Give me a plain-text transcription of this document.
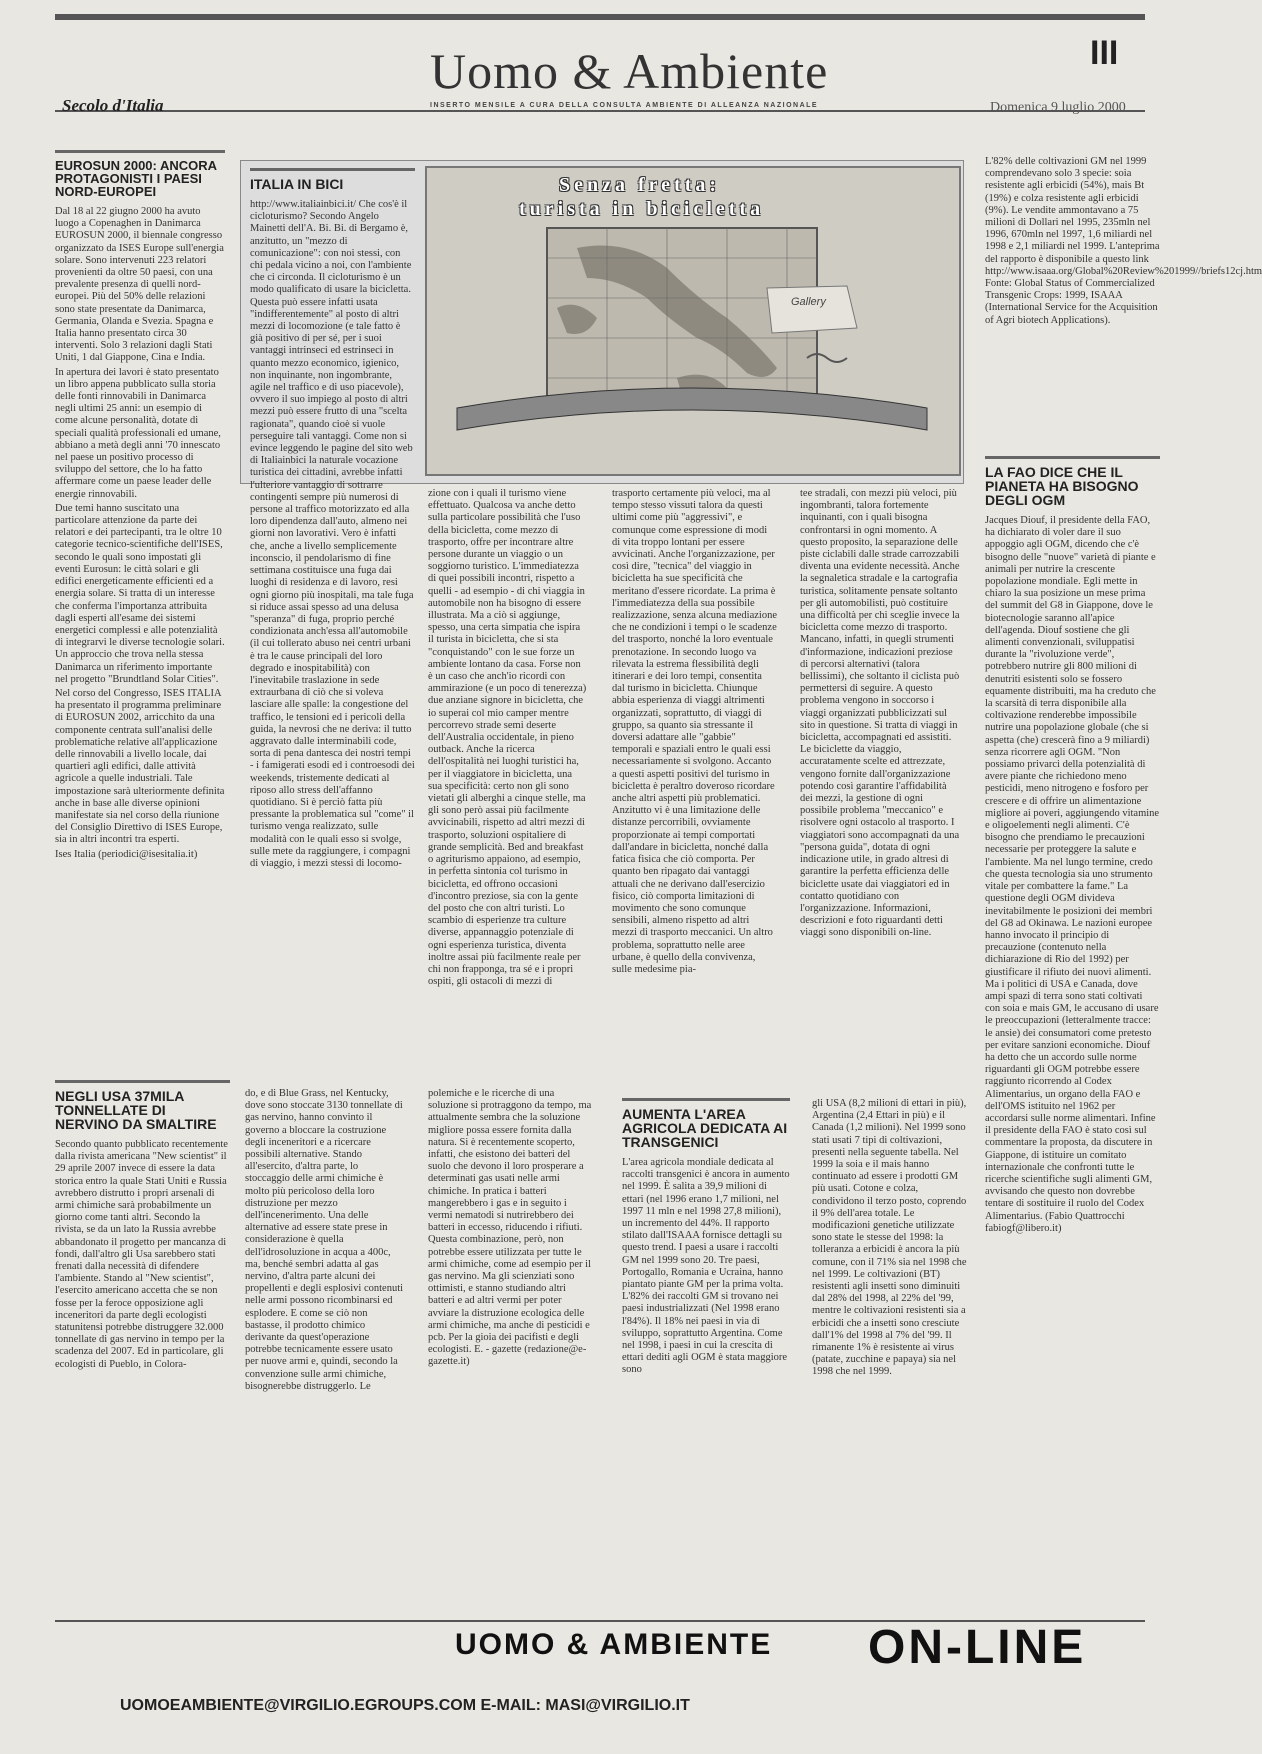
Secolo d'Italia
Uomo & Ambiente
INSERTO MENSILE A CURA DELLA CONSULTA AMBIENTE DI ALLEANZA NAZIONALE
III
Domenica 9 luglio 2000
EUROSUN 2000: ANCORA PROTAGONISTI I PAESI NORD-EUROPEI

Dal 18 al 22 giugno 2000 ha avuto luogo a Copenaghen in Danimarca EUROSUN 2000, il biennale congresso organizzato da ISES Europe sull'energia solare. Sono intervenuti 223 relatori provenienti da oltre 50 paesi, con una prevalente presenza di quelli nord-europei. Più del 50% delle relazioni sono state presentate da Danimarca, Germania, Olanda e Svezia. Spagna e Italia hanno presentato circa 30 interventi. Solo 3 relazioni dagli Stati Uniti, 1 dal Giappone, Cina e India.

In apertura dei lavori è stato presentato un libro appena pubblicato sulla storia delle fonti rinnovabili in Danimarca negli ultimi 25 anni: un esempio di come alcune personalità, dotate di speciali qualità professionali ed umane, abbiano a metà degli anni '70 innescato nel paese un positivo processo di sviluppo del settore, che lo ha fatto affermare come un paese leader delle energie rinnovabili.

Due temi hanno suscitato una particolare attenzione da parte dei relatori e dei partecipanti, tra le oltre 10 categorie tecnico-scientifiche dell'ISES, secondo le quali sono impostati gli eventi Eurosun: le città solari e gli edifici energeticamente efficienti ed a energia solare. Si tratta di un interesse che conferma l'importanza attribuita dagli esperti all'esame dei sistemi energetici complessi e alle potenzialità di integrarvi le diverse tecnologie solari. Un approccio che trova nella stessa Danimarca un riferimento importante nel progetto "Brundtland Solar Cities".

Nel corso del Congresso, ISES ITALIA ha presentato il programma preliminare di EUROSUN 2002, arricchito da una componente centrata sull'analisi delle problematiche relative all'applicazione delle rinnovabili a livello locale, dai quartieri agli edifici, dalle attività agricole a quelle industriali. Tale impostazione sarà ulteriormente definita anche in base alle diverse opinioni manifestate sia nel corso della riunione del Consiglio Direttivo di ISES Europe, sia in altri incontri tra esperti.

Ises Italia (periodici@isesitalia.it)

ITALIA IN BICI

http://www.italiainbici.it/ Che cos'è il cicloturismo? Secondo Angelo Mainetti dell'A. Bi. Bi. di Bergamo è, anzitutto, un "mezzo di comunicazione": con noi stessi, con chi pedala vicino a noi, con l'ambiente che ci circonda. Il cicloturismo è un modo qualificato di usare la bicicletta. Questa può essere infatti usata "indifferentemente" al posto di altri mezzi di locomozione (e tale fatto è già positivo di per sé, per i suoi vantaggi intrinseci ed estrinseci in quanto mezzo economico, igienico, non inquinante, non ingombrante, agile nel traffico e di uso piacevole), ovvero il suo impiego al posto di altri mezzi può essere frutto di una "scelta ragionata", quando cioè si vuole perseguire tali vantaggi. Come non si evince leggendo le pagine del sito web di Italiainbici la naturale vocazione turistica dei cittadini, avrebbe infatti l'ulteriore vantaggio di sottrarre contingenti sempre più numerosi di persone al traffico motorizzato ed alla loro dipendenza dall'auto, almeno nei giorni non lavorativi. Vero è infatti che, anche a livello semplicemente inconscio, il pendolarismo di fine settimana costituisce una fuga dai luoghi di residenza e di lavoro, resi ogni giorno più inospitali, ma tale fuga si riduce assai spesso ad una delusa "speranza" di fuga, proprio perché condizionata anch'essa all'automobile (il cui tollerato abuso nei centri urbani è tra le cause principali del loro degrado e inospitabilità) con l'inevitabile traslazione in sede extraurbana di ciò che si voleva lasciare alle spalle: la congestione del traffico, le tensioni ed i pericoli della guida, la nevrosi che ne deriva: il tutto aggravato dalle interminabili code, sorta di pena dantesca dei nostri tempi - i famigerati esodi ed i controesodi dei weekends, tristemente dedicati al riposo allo stress dell'affanno quotidiano. Si è perciò fatta più pressante la problematica sul "come" il turismo venga realizzato, sulle modalità con le quali esso si svolge, sulle mete da raggiungere, i compagni di viaggio, i mezzi stessi di locomo-

Senza fretta:
turista in bicicletta
Gallery

zione con i quali il turismo viene effettuato. Qualcosa va anche detto sulla particolare possibilità che l'uso della bicicletta, come mezzo di trasporto, offre per incontrare altre persone durante un viaggio o un soggiorno turistico. L'immediatezza di quei possibili incontri, rispetto a quelli - ad esempio - di chi viaggia in automobile non ha bisogno di essere illustrata. Ma a ciò si aggiunge, spesso, una certa simpatia che ispira il turista in bicicletta, che si sta "conquistando" con le sue forze un ambiente lontano da casa. Forse non è un caso che anch'io ricordi con ammirazione (e un poco di tenerezza) due anziane signore in bicicletta, che io superai col mio camper mentre percorrevo strade semi deserte dell'Australia occidentale, in pieno outback. Anche la ricerca dell'ospitalità nei luoghi turistici ha, per il viaggiatore in bicicletta, una sua specificità: certo non gli sono vietati gli alberghi a cinque stelle, ma gli sono però assai più facilmente avvicinabili, rispetto ad altri mezzi di trasporto, soluzioni ospitaliere di grande semplicità. Bed and breakfast o agriturismo appaiono, ad esempio, in perfetta sintonia col turismo in bicicletta, ed offrono occasioni d'incontro preziose, sia con la gente del posto che con altri turisti. Lo scambio di esperienze tra culture diverse, appannaggio potenziale di ogni esperienza turistica, diventa inoltre assai più facilmente reale per chi non frapponga, tra sé e i propri ospiti, gli ostacoli di mezzi di

trasporto certamente più veloci, ma al tempo stesso vissuti talora da questi ultimi come più "aggressivi", e comunque come espressione di modi di vita troppo lontani per essere avvicinati. Anche l'organizzazione, per così dire, "tecnica" del viaggio in bicicletta ha sue specificità che meritano d'essere ricordate. La prima è l'immediatezza della sua possibile realizzazione, senza alcuna mediazione che ne condizioni i tempi o le scadenze del trasporto, nonché la loro eventuale prenotazione. In secondo luogo va rilevata la estrema flessibilità degli itinerari e dei loro tempi, consentita dal turismo in bicicletta. Chiunque abbia esperienza di viaggi altrimenti organizzati, soprattutto, di viaggi di gruppo, sa quanto sia stressante il doversi adattare alle "gabbie" temporali e spaziali entro le quali essi necessariamente si svolgono. Accanto a questi aspetti positivi del turismo in bicicletta è peraltro doveroso ricordare anche altri aspetti più problematici. Anzitutto vi è una limitazione delle distanze percorribili, ovviamente proporzionate ai tempi comportati dall'andare in bicicletta, nonché dalla fatica fisica che ciò comporta. Per quanto ben ripagato dai vantaggi attuali che ne derivano dall'esercizio fisico, ciò comporta limitazioni di movimento che sono comunque sensibili, almeno rispetto ad altri mezzi di trasporto meccanici. Un altro problema, soprattutto nelle aree urbane, è quello della convivenza, sulle medesime pia-

tee stradali, con mezzi più veloci, più ingombranti, talora fortemente inquinanti, con i quali bisogna confrontarsi in ogni momento. A questo proposito, la separazione delle piste ciclabili dalle strade carrozzabili diventa una evidente necessità. Anche la segnaletica stradale e la cartografia turistica, solitamente pensate soltanto per gli automobilisti, può costituire una difficoltà per chi sceglie invece la bicicletta come mezzo di trasporto. Mancano, infatti, in quegli strumenti d'informazione, indicazioni preziose di percorsi alternativi (talora bellissimi), che soltanto il ciclista può permettersi di seguire. A questo problema vengono in soccorso i viaggi organizzati pubblicizzati sul sito in questione. Si tratta di viaggi in bicicletta, accompagnati ed assistiti. Le biciclette da viaggio, accuratamente scelte ed attrezzate, vengono fornite dall'organizzazione potendo così garantire l'affidabilità dei mezzi, la gestione di ogni possibile problema "meccanico" e risolvere ogni ostacolo al trasporto. I viaggiatori sono accompagnati da una "persona guida", dotata di ogni indicazione utile, in grado altresì di garantire la perfetta efficienza delle biciclette usate dai viaggiatori ed in contatto quotidiano con l'organizzazione. Informazioni, descrizioni e foto riguardanti detti viaggi sono disponibili on-line.

L'82% delle coltivazioni GM nel 1999 comprendevano solo 3 specie: soia resistente agli erbicidi (54%), mais Bt (19%) e colza resistente agli erbicidi (9%). Le vendite ammontavano a 75 milioni di Dollari nel 1995, 235mln nel 1996, 670mln nel 1997, 1,6 miliardi nel 1998 e 2,1 miliardi nel 1999. L'anteprima del rapporto è disponibile a questo link http://www.isaaa.org/Global%20Review%201999//briefs12cj.htm Fonte: Global Status of Commercialized Transgenic Crops: 1999, ISAAA (International Service for the Acquisition of Agri biotech Applications).

LA FAO DICE CHE IL PIANETA HA BISOGNO DEGLI OGM

Jacques Diouf, il presidente della FAO, ha dichiarato di voler dare il suo appoggio agli OGM, dicendo che c'è bisogno delle "nuove" varietà di piante e animali per nutrire la crescente popolazione mondiale. Egli mette in chiaro la sua posizione un mese prima del summit del G8 in Giappone, dove le biotecnologie saranno all'apice dell'agenda. Diouf sostiene che gli alimenti convenzionali, sviluppatisi durante la "rivoluzione verde", potrebbero nutrire gli 800 milioni di denutriti esistenti solo se fossero equamente distribuiti, ma ha creduto che la scarsità di terra disponibile alla coltivazione renderebbe impossibile nutrire una popolazione globale (che si aspetta (che) crescerà fino a 9 miliardi) senza ricorrere agli OGM. "Non possiamo privarci della potenzialità di avere piante che richiedono meno pesticidi, meno nitrogeno e fosforo per crescere e di offrire un alimentazione migliore ai poveri, aggiungendo vitamine e oligoelementi negli alimenti. C'è bisogno che prendiamo le precauzioni necessarie per proteggere la salute e l'ambiente. Ma nel lungo termine, credo che questa tecnologia sia uno strumento vitale per combattere la fame." La questione degli OGM divideva inevitabilmente le posizioni dei membri del G8 ad Okinawa. Le nazioni europee hanno invocato il principio di precauzione (contenuto nella dichiarazione di Rio del 1992) per giustificare il rifiuto dei nuovi alimenti. Ma i politici di USA e Canada, dove ampi spazi di terra sono stati coltivati con soia e mais GM, le accusano di usare le preoccupazioni (letteralmente tracce: le ansie) dei consumatori come pretesto per evitare sanzioni economiche. Diouf ha detto che un accordo sulle norme riguardanti gli OGM potrebbe essere raggiunto ricorrendo al Codex Alimentarius, un organo della FAO e dell'OMS istituito nel 1962 per accordarsi sulle norme alimentari. Infine il presidente della FAO è stato così sul commentare la proposta, da discutere in Giappone, di istituire un comitato internazionale che confronti tutte le ricerche scientifiche sugli alimenti GM, avvisando che questo non dovrebbe tentare di sostituire il ruolo del Codex Alimentarius. (Fabio Quattrocchi fabiogf@libero.it)

NEGLI USA 37MILA TONNELLATE DI NERVINO DA SMALTIRE

Secondo quanto pubblicato recentemente dalla rivista americana "New scientist" il 29 aprile 2007 invece di essere la data storica entro la quale Stati Uniti e Russia avrebbero distrutto i propri arsenali di armi chimiche sarà probabilmente un giorno come tanti altri. Secondo la rivista, se da un lato la Russia avrebbe abbandonato il progetto per mancanza di fondi, dall'altro gli Usa sarebbero stati frenati dalla necessità di difendere l'ambiente. Stando al "New scientist", l'esercito americano accetta che se non fosse per la feroce opposizione agli inceneritori da parte degli ecologisti statunitensi potrebbe distruggere 32.000 tonnellate di gas nervino in tempo per la scadenza del 2007. Ed in particolare, gli ecologisti di Pueblo, in Colora-

do, e di Blue Grass, nel Kentucky, dove sono stoccate 3130 tonnellate di gas nervino, hanno convinto il governo a bloccare la costruzione degli inceneritori e a ricercare possibili alternative. Stando all'esercito, d'altra parte, lo stoccaggio delle armi chimiche è molto più pericoloso della loro distruzione per mezzo dell'incenerimento. Una delle alternative ad essere state prese in considerazione è quella dell'idrosoluzione in acqua a 400c, ma, benché sembri adatta al gas nervino, d'altra parte alcuni dei propellenti e degli esplosivi contenuti nelle armi possono ricombinarsi ed esplodere. E come se ciò non bastasse, il prodotto chimico derivante da quest'operazione potrebbe tecnicamente essere usato per nuove armi e, quindi, secondo la convenzione sulle armi chimiche, bisognerebbe distruggerlo. Le

polemiche e le ricerche di una soluzione si protraggono da tempo, ma attualmente sembra che la soluzione migliore possa essere fornita dalla natura. Si è recentemente scoperto, infatti, che esistono dei batteri del suolo che devono il loro prosperare a determinati gas usati nelle armi chimiche. In pratica i batteri mangerebbero i gas e in seguito i vermi nematodi si nutrirebbero dei batteri in eccesso, riducendo i rifiuti. Questa combinazione, però, non potrebbe essere utilizzata per tutte le armi chimiche, come ad esempio per il gas nervino. Ma gli scienziati sono ottimisti, e stanno studiando altri batteri e ad altri vermi per poter avviare la distruzione ecologica delle armi chimiche, ma anche di pesticidi e pcb. Per la gioia dei pacifisti e degli ecologisti. E. - gazette (redazione@e-gazette.it)

AUMENTA L'AREA AGRICOLA DEDICATA AI TRANSGENICI

L'area agricola mondiale dedicata al raccolti transgenici è ancora in aumento nel 1999. È salita a 39,9 milioni di ettari (nel 1996 erano 1,7 milioni, nel 1997 11 mln e nel 1998 27,8 milioni), un incremento del 44%. Il rapporto stilato dall'ISAAA fornisce dettagli su questo trend. I paesi a usare i raccolti GM nel 1999 sono 20. Tre paesi, Portogallo, Romania e Ucraina, hanno piantato piante GM per la prima volta. L'82% dei raccolti GM si trovano nei paesi industrializzati (Nel 1998 erano l'84%). Il 18% nei paesi in via di sviluppo, soprattutto Argentina. Come nel 1998, i paesi in cui la crescita di ettari dediti agli OGM è stata maggiore sono

gli USA (8,2 milioni di ettari in più), Argentina (2,4 Ettari in più) e il Canada (1,2 milioni). Nel 1999 sono stati usati 7 tipi di coltivazioni, presenti nella seguente tabella. Nel 1999 la soia e il mais hanno continuato ad essere i prodotti GM più usati. Cotone e colza, condividono il terzo posto, coprendo il 9% dell'area totale. Le modificazioni genetiche utilizzate sono state le stesse del 1998: la tolleranza a erbicidi è ancora la più comune, con il 71% sia nel 1998 che nel 1999. Le coltivazioni (BT) resistenti agli insetti sono diminuiti dal 28% del 1998, al 22% del '99, mentre le coltivazioni resistenti sia a erbicidi che a insetti sono cresciute dall'1% del 1998 al 7% del '99. Il rimanente 1% è resistente ai virus (patate, zucchine e papaya) sia nel 1998 che nel 1999.

UOMO & AMBIENTE ON-LINE
UOMOEAMBIENTE@VIRGILIO.EGROUPS.COM E-MAIL: MASI@VIRGILIO.IT
